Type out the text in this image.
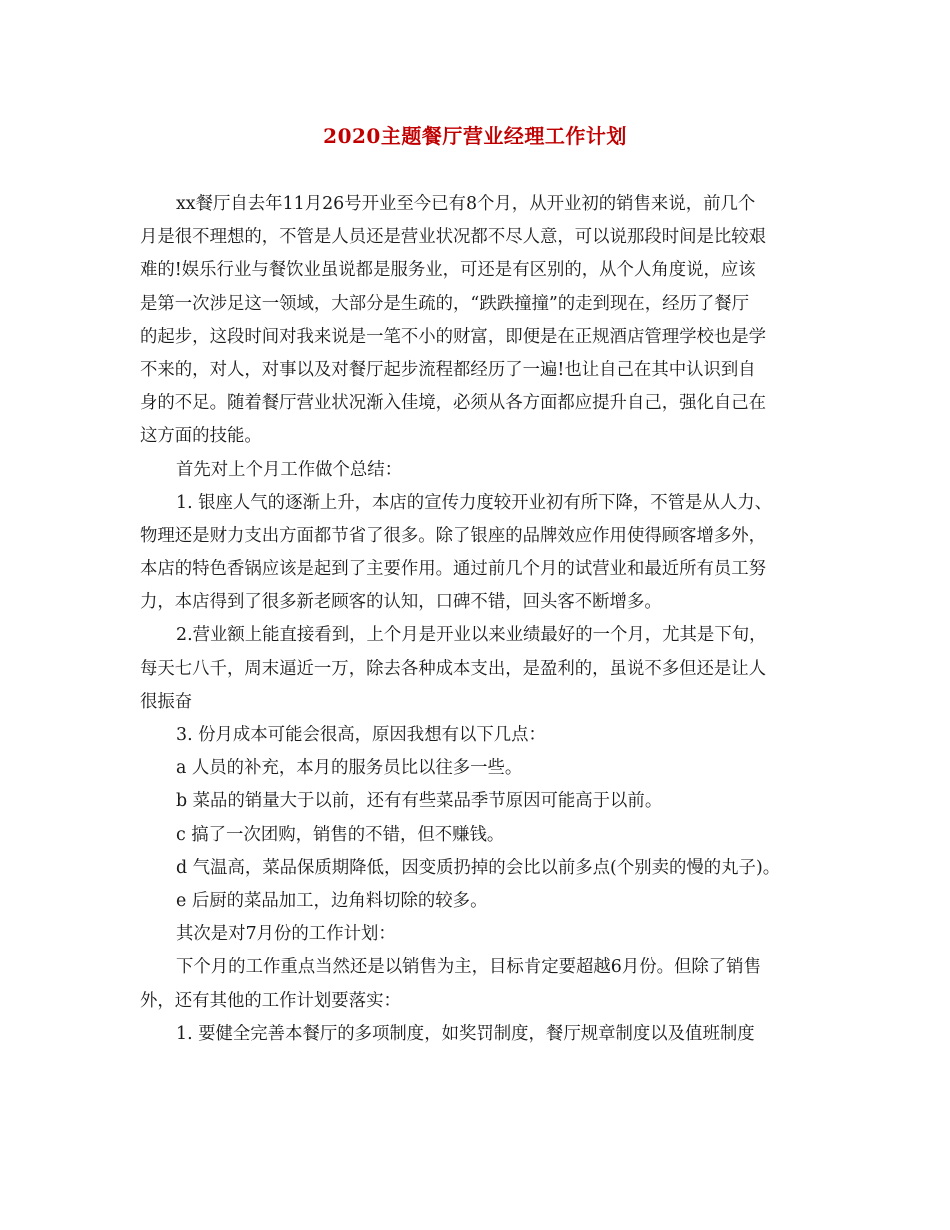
2020主题餐厅营业经理工作计划
xx餐厅自去年11月26号开业至今已有8个月，从开业初的销售来说，前几个
月是很不理想的，不管是人员还是营业状况都不尽人意，可以说那段时间是比较艰
难的!娱乐行业与餐饮业虽说都是服务业，可还是有区别的，从个人角度说，应该
是第一次涉足这一领域，大部分是生疏的，“跌跌撞撞”的走到现在，经历了餐厅
的起步，这段时间对我来说是一笔不小的财富，即便是在正规酒店管理学校也是学
不来的，对人，对事以及对餐厅起步流程都经历了一遍!也让自己在其中认识到自
身的不足。随着餐厅营业状况渐入佳境，必须从各方面都应提升自己，强化自己在
这方面的技能。
首先对上个月工作做个总结：
1. 银座人气的逐渐上升，本店的宣传力度较开业初有所下降，不管是从人力、
物理还是财力支出方面都节省了很多。除了银座的品牌效应作用使得顾客增多外，
本店的特色香锅应该是起到了主要作用。通过前几个月的试营业和最近所有员工努
力，本店得到了很多新老顾客的认知，口碑不错，回头客不断增多。
2.营业额上能直接看到，上个月是开业以来业绩最好的一个月，尤其是下旬，
每天七八千，周末逼近一万，除去各种成本支出，是盈利的，虽说不多但还是让人
很振奋
3. 份月成本可能会很高，原因我想有以下几点：
a 人员的补充，本月的服务员比以往多一些。
b 菜品的销量大于以前，还有有些菜品季节原因可能高于以前。
c 搞了一次团购，销售的不错，但不赚钱。
d 气温高，菜品保质期降低，因变质扔掉的会比以前多点(个别卖的慢的丸子)。
e 后厨的菜品加工，边角料切除的较多。
其次是对7月份的工作计划：
下个月的工作重点当然还是以销售为主，目标肯定要超越6月份。但除了销售
外，还有其他的工作计划要落实：
1. 要健全完善本餐厅的多项制度，如奖罚制度，餐厅规章制度以及值班制度
